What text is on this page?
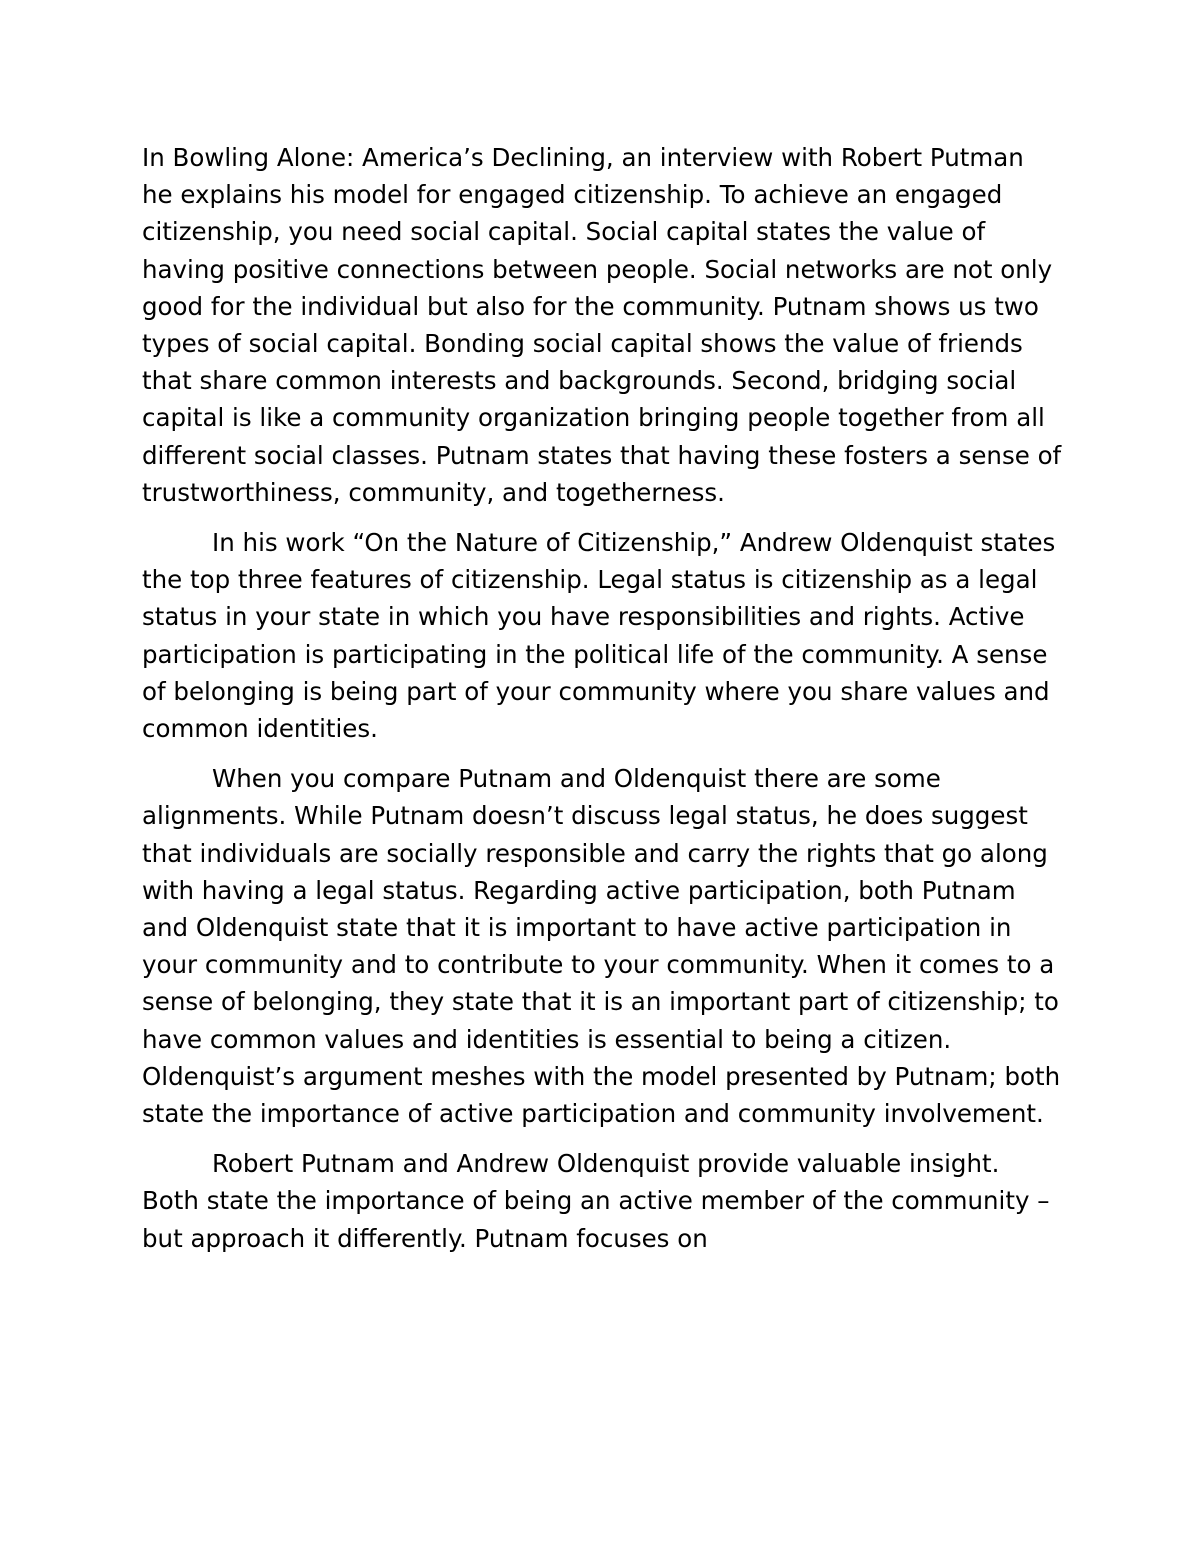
In Bowling Alone: America’s Declining, an interview with Robert Putman he explains his model for engaged citizenship. To achieve an engaged citizenship, you need social capital. Social capital states the value of having positive connections between people. Social networks are not only good for the individual but also for the community. Putnam shows us two types of social capital. Bonding social capital shows the value of friends that share common interests and backgrounds. Second, bridging social capital is like a community organization bringing people together from all different social classes. Putnam states that having these fosters a sense of trustworthiness, community, and togetherness.

In his work “On the Nature of Citizenship,” Andrew Oldenquist states the top three features of citizenship. Legal status is citizenship as a legal status in your state in which you have responsibilities and rights. Active participation is participating in the political life of the community. A sense of belonging is being part of your community where you share values and common identities.

When you compare Putnam and Oldenquist there are some alignments. While Putnam doesn’t discuss legal status, he does suggest that individuals are socially responsible and carry the rights that go along with having a legal status. Regarding active participation, both Putnam and Oldenquist state that it is important to have active participation in your community and to contribute to your community. When it comes to a sense of belonging, they state that it is an important part of citizenship; to have common values and identities is essential to being a citizen. Oldenquist’s argument meshes with the model presented by Putnam; both state the importance of active participation and community involvement.

Robert Putnam and Andrew Oldenquist provide valuable insight. Both state the importance of being an active member of the community – but approach it differently. Putnam focuses on
